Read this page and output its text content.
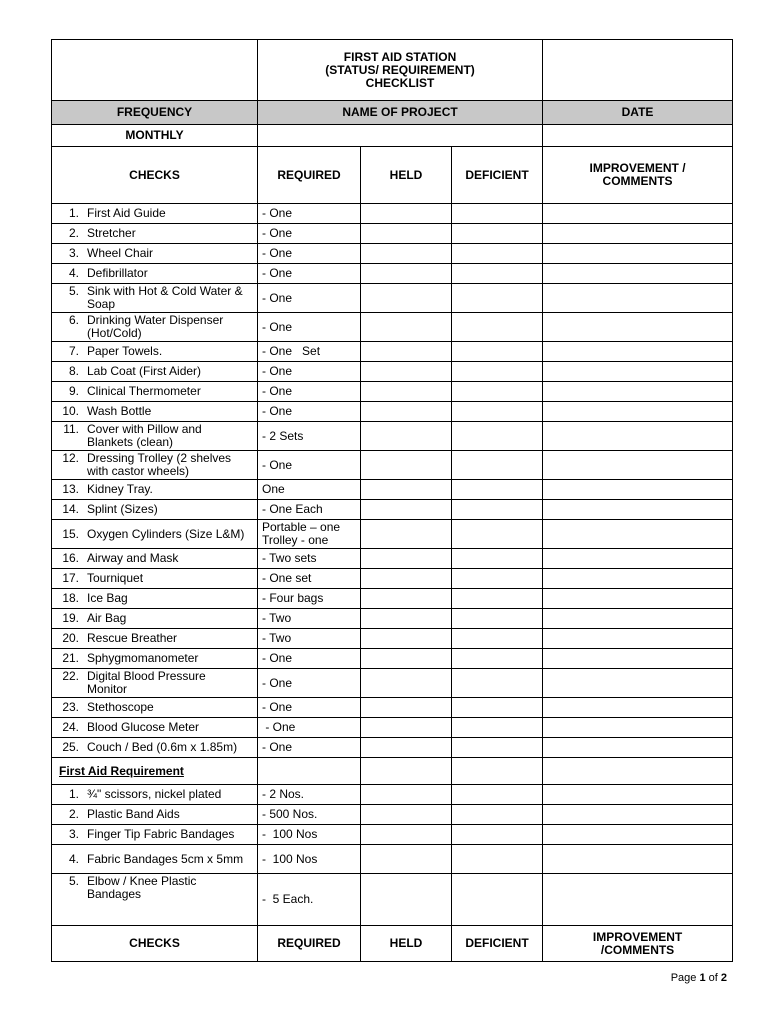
	FIRST AID STATION
(STATUS/ REQUIREMENT)
CHECKLIST			

FREQUENCY	NAME OF PROJECT			DATE
MONTHLY				
CHECKS	REQUIRED	HELD	DEFICIENT	IMPROVEMENT / COMMENTS
1. First Aid Guide	- One			
2. Stretcher	- One			
3. Wheel Chair	- One			
4. Defibrillator	- One			
5. Sink with Hot & Cold Water & Soap	- One			
6. Drinking Water Dispenser (Hot/Cold)	- One			
7. Paper Towels.	- One   Set			
8. Lab Coat (First Aider)	- One			
9. Clinical Thermometer	- One			
10. Wash Bottle	- One			
11. Cover with Pillow and Blankets (clean)	- 2 Sets			
12. Dressing Trolley (2 shelves with castor wheels)	- One			
13. Kidney Tray.	One			
14. Splint (Sizes)	- One Each			
15. Oxygen Cylinders (Size L&M)	Portable – one Trolley - one			
16. Airway and Mask	- Two sets			
17. Tourniquet	- One set			
18. Ice Bag	- Four bags			
19. Air Bag	- Two			
20. Rescue Breather	- Two			
21. Sphygmomanometer	- One			
22. Digital Blood Pressure Monitor	- One			
23. Stethoscope	- One			
24. Blood Glucose Meter	- One			
25. Couch / Bed (0.6m x 1.85m)	- One			
First Aid Requirement				
1. ¾" scissors, nickel plated	- 2 Nos.			
2. Plastic Band Aids	- 500 Nos.			
3. Finger Tip Fabric Bandages	-  100 Nos			
4. Fabric Bandages 5cm x 5mm	-  100 Nos			
5. Elbow / Knee Plastic Bandages	-  5 Each.			
CHECKS	REQUIRED	HELD	DEFICIENT	IMPROVEMENT /COMMENTS
Page 1 of 2
